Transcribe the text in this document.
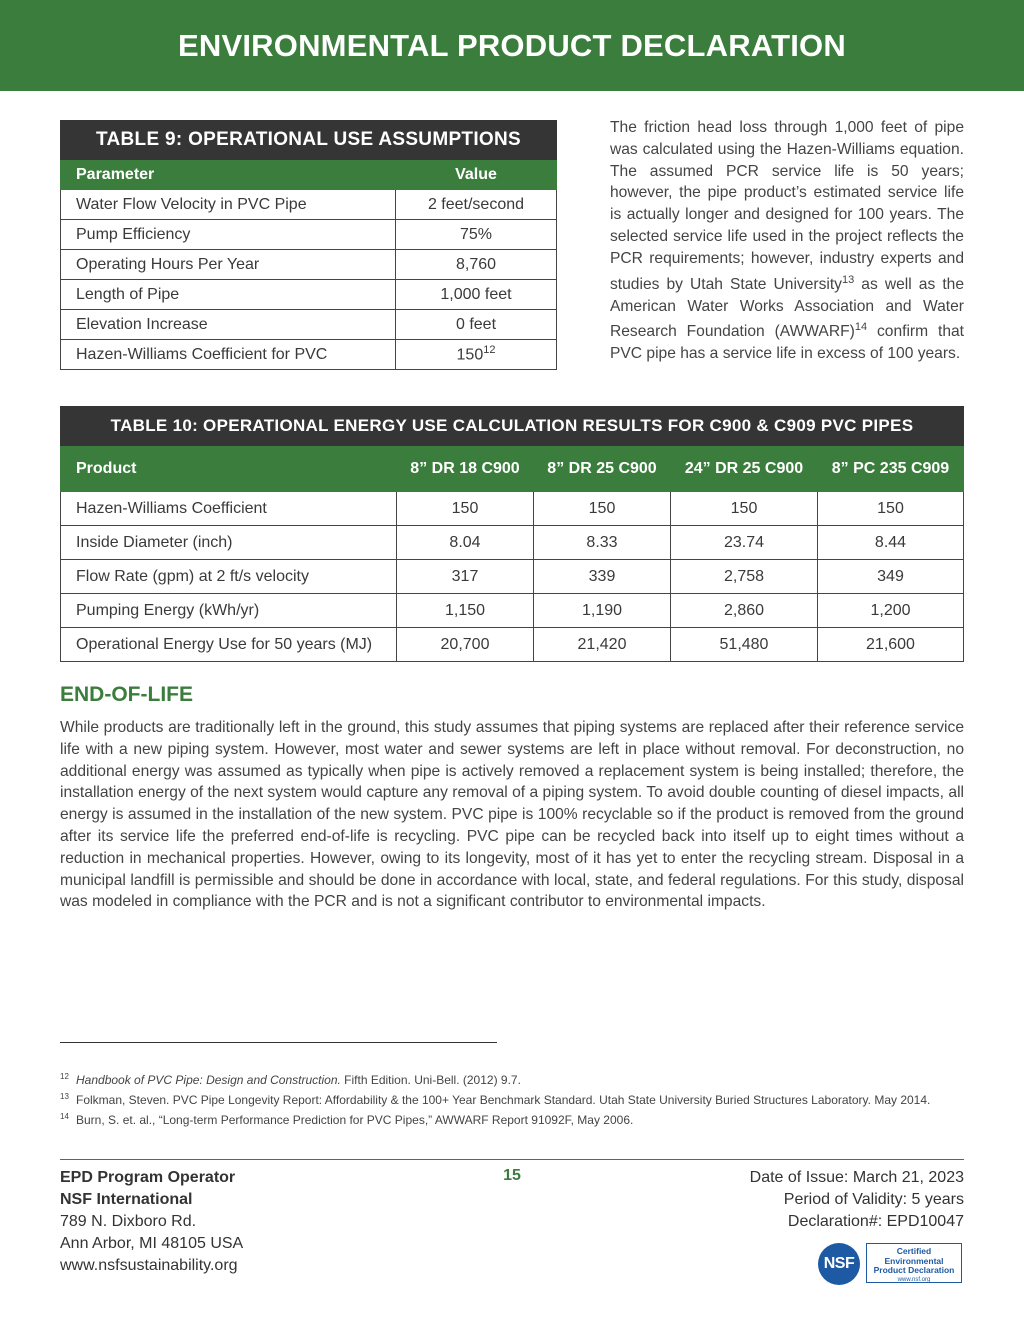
ENVIRONMENTAL PRODUCT DECLARATION
TABLE 9: OPERATIONAL USE ASSUMPTIONS
Parameter	Value
Water Flow Velocity in PVC Pipe	2 feet/second
Pump Efficiency	75%
Operating Hours Per Year	8,760
Length of Pipe	1,000 feet
Elevation Increase	0 feet
Hazen-Williams Coefficient for PVC	$150^{12}$

The friction head loss through 1,000 feet of pipe was calculated using the Hazen-Williams equation. The assumed PCR service life is 50 years; however, the pipe product’s estimated service life is actually longer and designed for 100 years. The selected service life used in the project reflects the PCR requirements; however, industry experts and studies by Utah State University$^{13}$ as well as the American Water Works Association and Water Research Foundation (AWWARF)$^{14}$ confirm that PVC pipe has a service life in excess of 100 years.

TABLE 10: OPERATIONAL ENERGY USE CALCULATION RESULTS FOR C900 & C909 PVC PIPES
Product	8” DR 18 C900	8” DR 25 C900	24” DR 25 C900	8” PC 235 C909
Hazen-Williams Coefficient	150	150	150	150
Inside Diameter (inch)	8.04	8.33	23.74	8.44
Flow Rate (gpm) at 2 ft/s velocity	317	339	2,758	349
Pumping Energy (kWh/yr)	1,150	1,190	2,860	1,200
Operational Energy Use for 50 years (MJ)	20,700	21,420	51,480	21,600
END-OF-LIFE

While products are traditionally left in the ground, this study assumes that piping systems are replaced after their reference service life with a new piping system. However, most water and sewer systems are left in place without removal. For deconstruction, no additional energy was assumed as typically when pipe is actively removed a replacement system is being installed; therefore, the installation energy of the next system would capture any removal of a piping system. To avoid double counting of diesel impacts, all energy is assumed in the installation of the new system. PVC pipe is 100% recyclable so if the product is removed from the ground after its service life the preferred end-of-life is recycling. PVC pipe can be recycled back into itself up to eight times without a reduction in mechanical properties. However, owing to its longevity, most of it has yet to enter the recycling stream. Disposal in a municipal landfill is permissible and should be done in accordance with local, state, and federal regulations. For this study, disposal was modeled in compliance with the PCR and is not a significant contributor to environmental impacts.

12 Handbook of PVC Pipe: Design and Construction. Fifth Edition. Uni-Bell. (2012) 9.7.
13 Folkman, Steven. PVC Pipe Longevity Report: Affordability & the 100+ Year Benchmark Standard. Utah State University Buried Structures Laboratory. May 2014.
14 Burn, S. et. al., “Long-term Performance Prediction for PVC Pipes,” AWWARF Report 91092F, May 2006.
EPD Program Operator
NSF International
789 N. Dixboro Rd.
Ann Arbor, MI 48105 USA
www.nsfsustainability.org
15	Date of Issue: March 21, 2023
Period of Validity: 5 years
Declaration#: EPD10047
NSF
Certified
Environmental
Product Declaration
www.nsf.org
